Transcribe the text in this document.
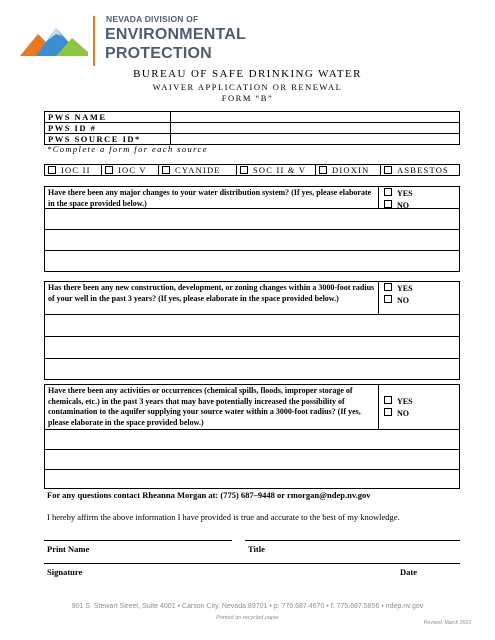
NEVADA DIVISION OF
ENVIRONMENTAL
PROTECTION
BUREAU OF SAFE DRINKING WATER
WAIVER APPLICATION OR RENEWAL
FORM “B”
PWS NAME	
PWS ID #	
PWS SOURCE ID*	
*Complete a form for each source
IOC II	IOC V	CYANIDE	SOC II & V	DIOXIN	ASBESTOS
Have there been any major changes to your water distribution system? (If yes, please elaborate in the space provided below.)
YES
NO
Has there been any new construction, development, or zoning changes within a 3000-foot radius of your well in the past 3 years? (If yes, please elaborate in the space provided below.)
YES
NO
Have there been any activities or occurrences (chemical spills, floods, improper storage of chemicals, etc.) in the past 3 years that may have potentially increased the possibility of contamination to the aquifer supplying your source water within a 3000-foot radius? (If yes, please elaborate in the space provided below.)
YES
NO
For any questions contact Rheanna Morgan at: (775) 687–9448 or rmorgan@ndep.nv.gov
I hereby affirm the above information I have provided is true and accurate to the best of my knowledge.
Print Name	Title
Signature	Date
901 S. Stewart Street, Suite 4001 • Carson City, Nevada 89701 • p: 775.687.4670 • f: 775.687.5856 • ndep.nv.gov
Printed on recycled paper
Revised: March 2022
